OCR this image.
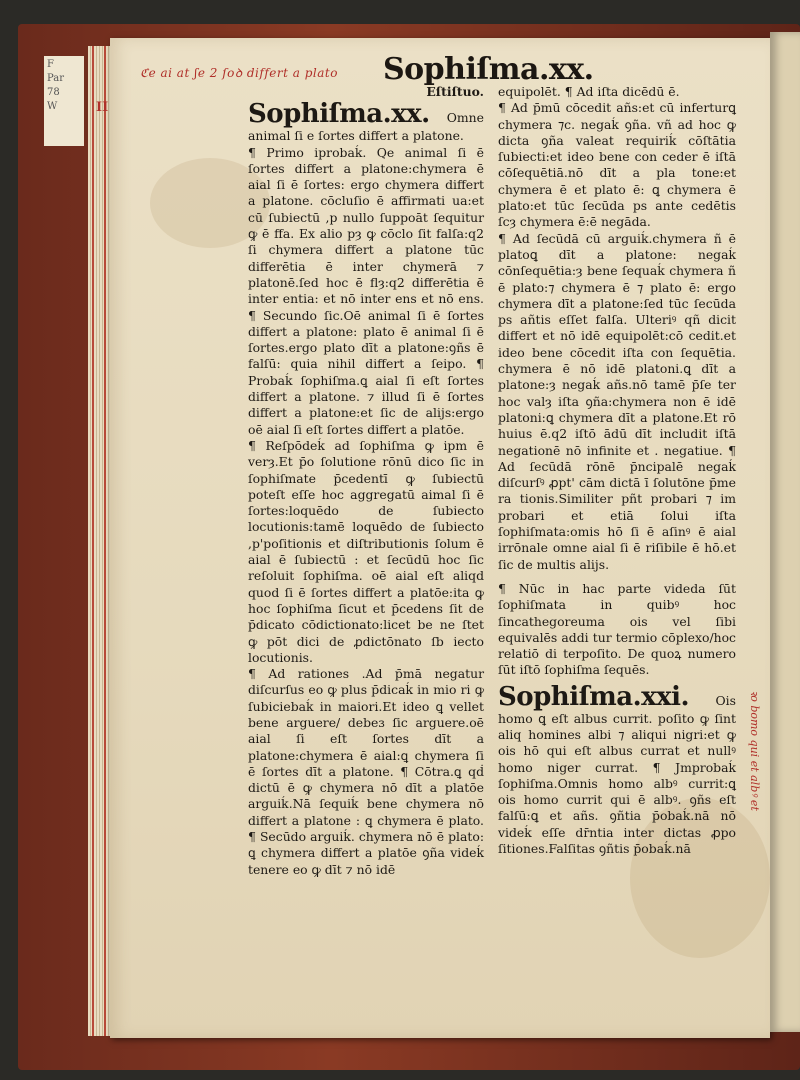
F
Par
78
W	II
ℭe ai at ʃe 2 ſoꝺ differt a plato	Sophiſma.xx.
Eſtiſtuo.
Sophiſma.xx. Omne animal ſi e ſortes differt a platone.

¶ Primo iprobaḱ. Qe animal ſi ē ſortes differt a platone:chymera ē aial ſi ē ſortes: ergo chymera differt a platone. cōcluſio ē affirmati ua:et cū ſubiectū ,p nullo ſuppoāt ſequitur ꝙ ē ffa. Ex alio pȝ ꝙ cōclo ſit falſa:q2 ſi chymera differt a platone tūc differētia ē inter chymerā ⁊ platonē.ſed hoc ē flȝ:q2 differētia ē inter entia: et nō inter ens et nō ens. ¶ Secundo ſic.Oē animal ſi ē ſortes differt a platone: plato ē animal ſi ē ſortes.ergo plato dīt a platone:ꝯñs ē falſū: quia nihil differt a ſeipo. ¶ Probaḱ ſophiſma.ꝗ aial ſi eſt ſortes differt a platone. ⁊ illud ſi ē ſortes differt a platone:et ſic de alijs:ergo oē aial ſi eſt ſortes differt a platōe.

¶ Reſpōdeḱ ad ſophiſma ꝙ ipm ē verȝ.Et p̄o ſolutione rōnū dico ſic in ſophiſmate p̄cedentī ꝙ ſubiectū poteſt eſſe hoc aggregatū aimal ſi ē ſortes:loquēdo de ſubiecto locutionis:tamē loquēdo de ſubiecto ,p'poſitionis et diſtributionis ſolum ē aial ē ſubiectū : et ſecūdū hoc ſic reſoluit ſophiſma. oē aial eſt aliqd quod ſi ē ſortes differt a platōe:ita ꝙ hoc ſophiſma ſicut et p̄cedens ſit de p̄dicato cōdictionato:licet be ne ſtet ꝙ pōt dici de ꝓdictōnato ſb iecto locutionis.

¶ Ad rationes .Ad p̄mā negatur diſcurſus eo ꝙ plus p̄dicaḱ in mio ri ꝙ ſubiciebaḱ in maiori.Et ideo ꝗ vellet bene arguere/ debeɜ ſic arguere.oē aial ſi eſt ſortes dīt a platone:chymera ē aial:ꝗ chymera ſi ē ſortes dīt a platone. ¶ Cōtra.ꝗ qḋ dictū ē ꝙ chymera nō dīt a platōe arguiḱ.Nā ſequiḱ bene chymera nō differt a platone : ꝗ chymera ē plato. ¶ Secūdo arguiḱ. chymera nō ē plato: ꝗ chymera differt a platōe ꝯña videḱ tenere eo ꝙ dīt ⁊ nō idē

equipolēt. ¶ Ad iſta dicēdū ē.

¶ Ad p̄mū cōcedit añs:et cū inferturꝗ chymera ⁊c. negaḱ ꝯña. vñ ad hoc ꝙ dicta ꝯña valeat requiriḱ cōſtātia ſubiecti:et ideo bene con ceder ē iſtā cōſequētiā.nō dīt a pla tone:et chymera ē et plato ē: ꝗ chymera ē plato:et tūc ſecūda ps ante cedētis ſcȝ chymera ē:ē negāda.

¶ Ad ſecūdā cū arguiḱ.chymera ñ ē platoꝗ dīt a platone: negaḱ cōnſequētia:ȝ bene ſequaḱ chymera ñ ē plato:⁊ chymera ē ⁊ plato ē: ergo chymera dīt a platone:ſed tūc ſecūda ps añtis eſſet falſa. Ulteriꝰ qñ dicit differt et nō idē equipolēt:cō cedit.et ideo bene cōcedit iſta con ſequētia. chymera ē nō idē platoni.ꝗ dīt a platone:ȝ negaḱ añs.nō tamē p̄ſe ter hoc valȝ iſta ꝯña:chymera non ē idē platoni:ꝗ chymera dīt a platone.Et rō huius ē.q2 iſtō ādū dīt includit iſtā negationē nō infinite et . negatiue. ¶ Ad ſecūdā rōnē p̄ncipalē negaḱ diſcurſꝰ ꝓpt' cām dictā ī ſolutōne p̄me ra tionis.Similiter pñt probari ⁊ im probari et etiā ſolui iſta ſophiſmata:omis hō ſi ē aſinꝰ ē aial irrōnale omne aial ſi ē riſibile ē hō.et ſic de multis alijs.

¶ Nūc in hac parte videda ſūt ſophiſmata in quibꝰ hoc ſincathegoreuma ois vel ſibi equivalēs addi tur termio cōplexo/hoc relatiō di terpoſito. De quoꝝ numero ſūt iſtō ſophiſma ſequēs.

Sophiſma.xxi. Ois homo ꝗ eſt albus currit. poſito ꝙ ſint aliq homines albi ⁊ aliqui nigri:et ꝙ ois hō qui eſt albus currat et nullꝰ homo niger currat. ¶ Jmprobaḱ ſophiſma.Omnis homo albꝰ currit:ꝗ ois homo currit qui ē albꝰ. ꝯñs eſt falſū:ꝗ et añs. ꝯñtia p̄obaḱ.nā nō videḱ eſſe dr̄ntia inter dictas ꝓpo ſitiones.Falſitas ꝯñtis p̄obaḱ.nā
ꝛo bomo qui et albꝰ et
